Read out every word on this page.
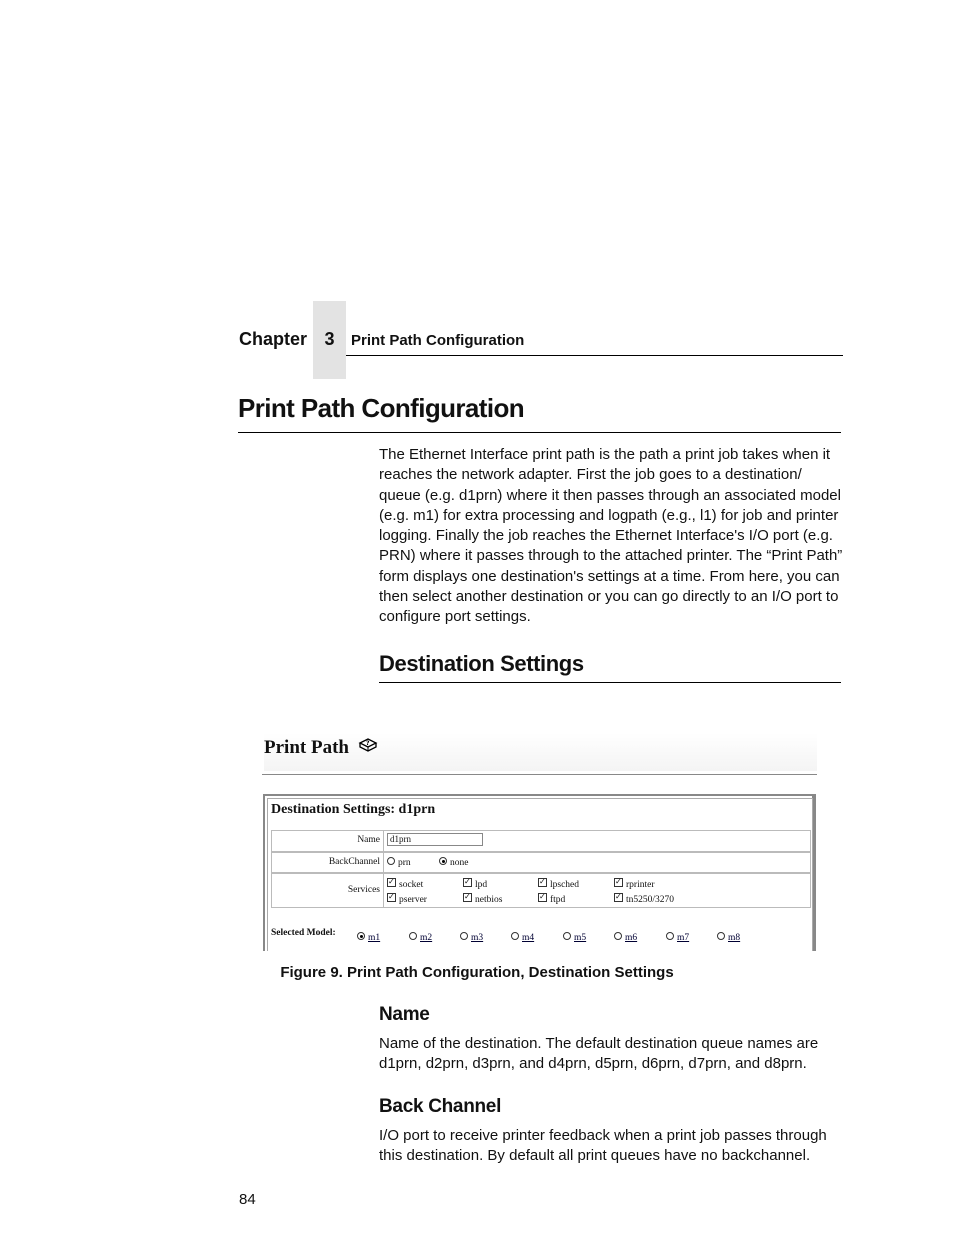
Chapter 3	Print Path Configuration
Print Path Configuration
The Ethernet Interface print path is the path a print job takes when it reaches the network adapter. First the job goes to a destination/ queue (e.g. d1prn) where it then passes through an associated model (e.g. m1) for extra processing and logpath (e.g., l1) for job and printer logging. Finally the job reaches the Ethernet Interface's I/O port (e.g. PRN) where it passes through to the attached printer. The “Print Path” form displays one destination's settings at a time. From here, you can then select another destination or you can go directly to an I/O port to configure port settings.
Destination Settings
Print Path	?
Destination Settings: d1prn
Name	d1prn
BackChannel	prn	none
Services ✓	socket ✓	lpd ✓	lpsched ✓	rprinter
✓pserver ✓	netbios ✓	ftpd ✓	tn5250/3270
Selected Model:	m1	m2	m3	m4	m5	m6	m7	m8
Figure 9. Print Path Configuration, Destination Settings
Name
Name of the destination. The default destination queue names are d1prn, d2prn, d3prn, and d4prn, d5prn, d6prn, d7prn, and d8prn.
Back Channel
I/O port to receive printer feedback when a print job passes through this destination. By default all print queues have no backchannel.
84
